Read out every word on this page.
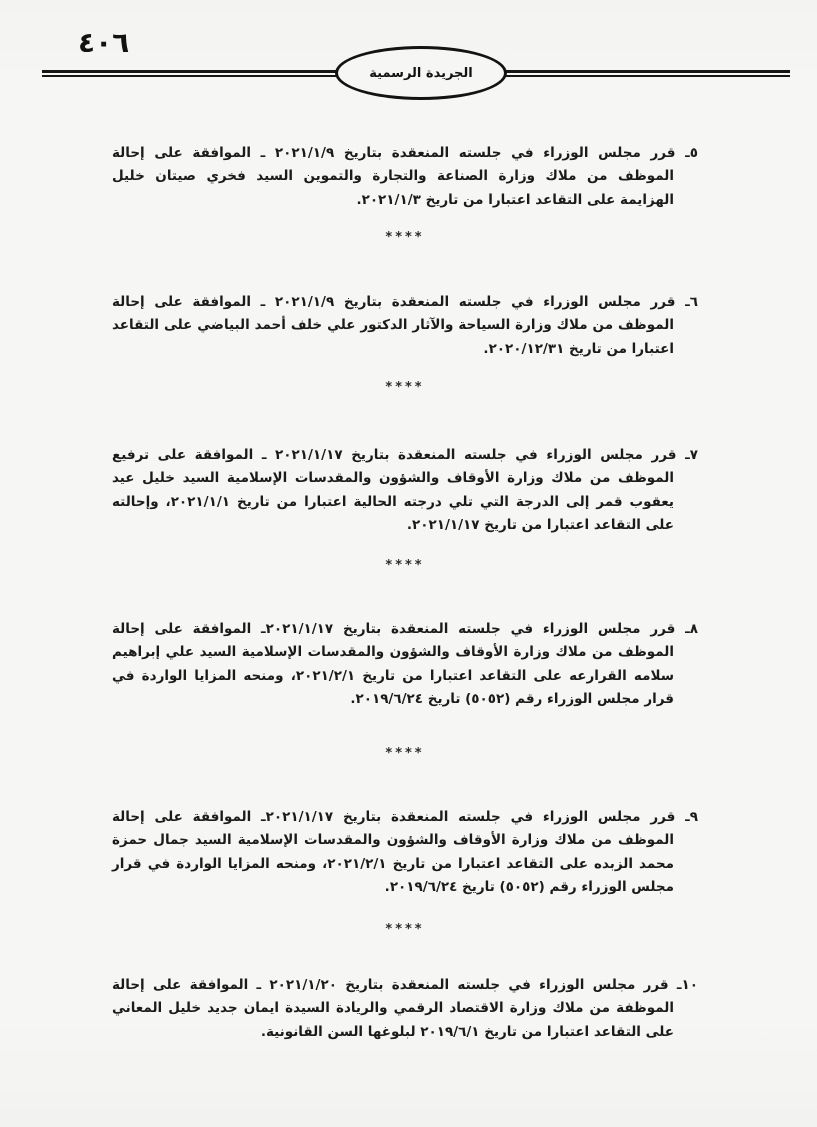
٤٠٦
الجريدة الرسمية

٥ـ قرر مجلس الوزراء في جلسته المنعقدة بتاريخ ٢٠٢١/١/٩ ـ الموافقة على إحالة الموظف من ملاك وزارة الصناعة والتجارة والتموين السيد فخري صيتان خليل الهزايمة على التقاعد اعتبارا من تاريخ ٢٠٢١/١/٣.

****

٦ـ قرر مجلس الوزراء في جلسته المنعقدة بتاريخ ٢٠٢١/١/٩ ـ الموافقة على إحالة الموظف من ملاك وزارة السياحة والآثار الدكتور علي خلف أحمد البياضي على التقاعد اعتبارا من تاريخ ٢٠٢٠/١٢/٣١.

****

٧ـ قرر مجلس الوزراء في جلسته المنعقدة بتاريخ ٢٠٢١/١/١٧ ـ الموافقة على ترفيع الموظف من ملاك وزارة الأوقاف والشؤون والمقدسات الإسلامية السيد خليل عيد يعقوب قمر إلى الدرجة التي تلي درجته الحالية اعتبارا من تاريخ ٢٠٢١/١/١، وإحالته على التقاعد اعتبارا من تاريخ ٢٠٢١/١/١٧.

****

٨ـ قرر مجلس الوزراء في جلسته المنعقدة بتاريخ ٢٠٢١/١/١٧ـ الموافقة على إحالة الموظف من ملاك وزارة الأوقاف والشؤون والمقدسات الإسلامية السيد علي إبراهيم سلامه القرارعه على التقاعد اعتبارا من تاريخ ٢٠٢١/٢/١، ومنحه المزايا الواردة في قرار مجلس الوزراء رقم (٥٠٥٢) تاريخ ٢٠١٩/٦/٢٤.

****

٩ـ قرر مجلس الوزراء في جلسته المنعقدة بتاريخ ٢٠٢١/١/١٧ـ الموافقة على إحالة الموظف من ملاك وزارة الأوقاف والشؤون والمقدسات الإسلامية السيد جمال حمزة محمد الزبده على التقاعد اعتبارا من تاريخ ٢٠٢١/٢/١، ومنحه المزايا الواردة في قرار مجلس الوزراء رقم (٥٠٥٢) تاريخ ٢٠١٩/٦/٢٤.

****

١٠ـ قرر مجلس الوزراء في جلسته المنعقدة بتاريخ ٢٠٢١/١/٢٠ ـ الموافقة على إحالة الموظفة من ملاك وزارة الاقتصاد الرقمي والريادة السيدة ايمان جديد خليل المعاني على التقاعد اعتبارا من تاريخ ٢٠١٩/٦/١ لبلوغها السن القانونية.
